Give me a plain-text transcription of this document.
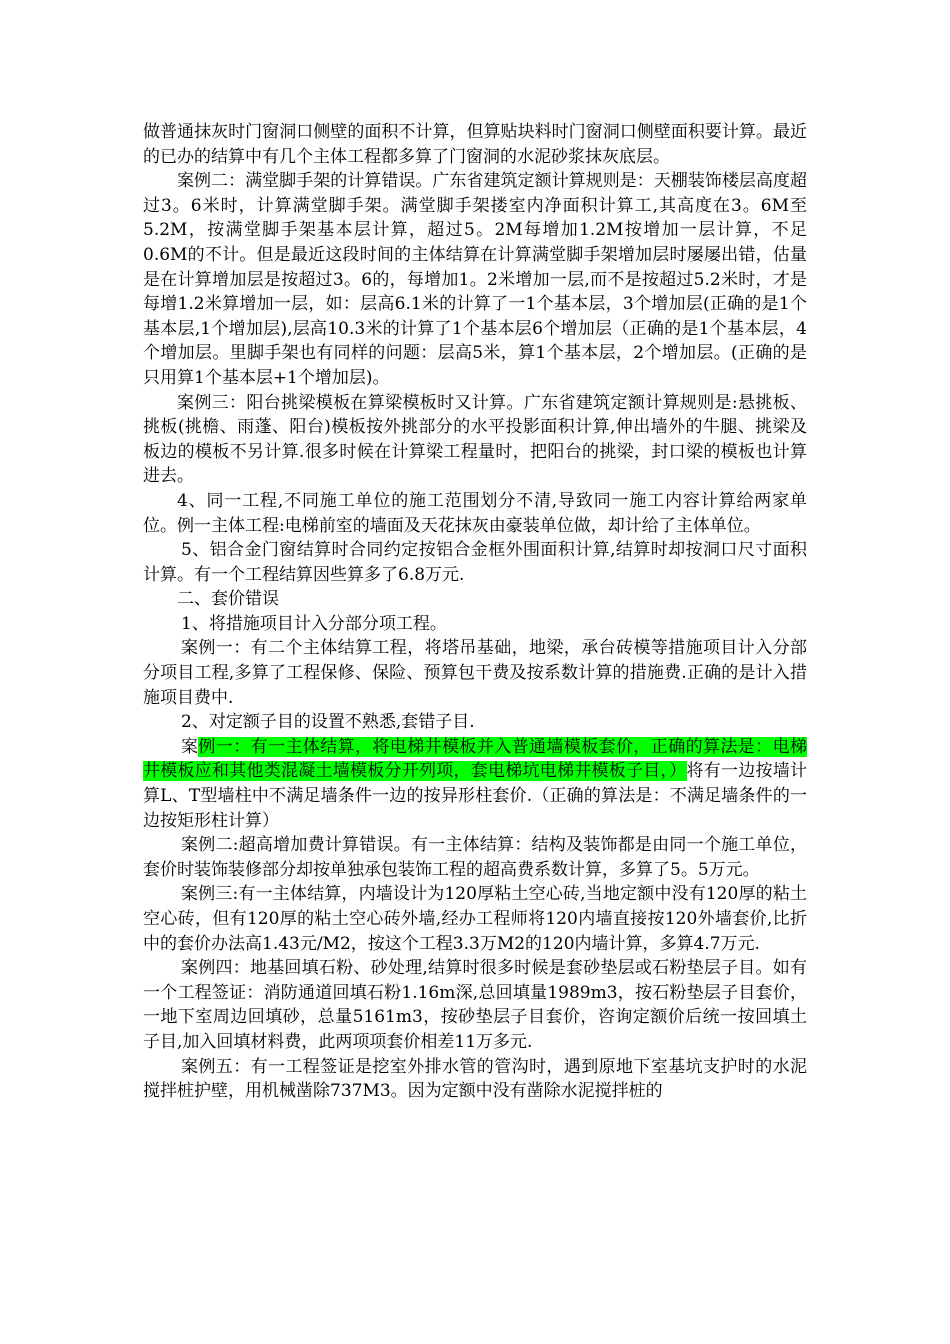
做普通抹灰时门窗洞口侧壁的面积不计算，但算贴块料时门窗洞口侧壁面积要计算。最近的已办的结算中有几个主体工程都多算了门窗洞的水泥砂浆抹灰底层。

案例二：满堂脚手架的计算错误。广东省建筑定额计算规则是：天棚装饰楼层高度超过3。6米时，计算满堂脚手架。满堂脚手架搂室内净面积计算工,其高度在3。6M至5.2M，按满堂脚手架基本层计算，超过5。2M每增加1.2M按增加一层计算，不足0.6M的不计。但是最近这段时间的主体结算在计算满堂脚手架增加层时屡屡出错，估量是在计算增加层是按超过3。6的，每增加1。2米增加一层,而不是按超过5.2米时，才是每增1.2米算增加一层，如：层高6.1米的计算了一1个基本层，3个增加层(正确的是1个基本层,1个增加层),层高10.3米的计算了1个基本层6个增加层（正确的是1个基本层，4个增加层。里脚手架也有同样的问题：层高5米，算1个基本层，2个增加层。(正确的是只用算1个基本层+1个增加层)。

案例三：阳台挑梁模板在算梁模板时又计算。广东省建筑定额计算规则是:悬挑板、挑板(挑檐、雨蓬、阳台)模板按外挑部分的水平投影面积计算,伸出墙外的牛腿、挑梁及板边的模板不另计算.很多时候在计算梁工程量时，把阳台的挑梁，封口梁的模板也计算进去。

4、同一工程,不同施工单位的施工范围划分不清,导致同一施工内容计算给两家单位。例一主体工程:电梯前室的墙面及天花抹灰由豪装单位做，却计给了主体单位。

5、铝合金门窗结算时合同约定按铝合金框外围面积计算,结算时却按洞口尺寸面积计算。有一个工程结算因些算多了6.8万元.

二、套价错误

1、将措施项目计入分部分项工程。

案例一：有二个主体结算工程，将塔吊基础，地梁，承台砖模等措施项目计入分部分项目工程,多算了工程保修、保险、预算包干费及按系数计算的措施费.正确的是计入措施项目费中.

2、对定额子目的设置不熟悉,套错子目.

案例一：有一主体结算，将电梯井模板并入普通墙模板套价，正确的算法是：电梯井模板应和其他类混凝土墙模板分开列项，套电梯坑电梯井模板子目，）将有一边按墙计算L、T型墙柱中不满足墙条件一边的按异形柱套价.（正确的算法是：不满足墙条件的一边按矩形柱计算）

案例二:超高增加费计算错误。有一主体结算：结构及装饰都是由同一个施工单位，套价时装饰装修部分却按单独承包装饰工程的超高费系数计算，多算了5。5万元。

案例三:有一主体结算，内墙设计为120厚粘土空心砖,当地定额中没有120厚的粘土空心砖，但有120厚的粘土空心砖外墙,经办工程师将120内墙直接按120外墙套价,比折中的套价办法高1.43元/M2，按这个工程3.3万M2的120内墙计算，多算4.7万元.

案例四：地基回填石粉、砂处理,结算时很多时候是套砂垫层或石粉垫层子目。如有一个工程签证：消防通道回填石粉1.16m深,总回填量1989m3，按石粉垫层子目套价，一地下室周边回填砂，总量5161m3，按砂垫层子目套价，咨询定额价后统一按回填土子目,加入回填材料费，此两项项套价相差11万多元.

案例五：有一工程签证是挖室外排水管的管沟时，遇到原地下室基坑支护时的水泥搅拌桩护壁，用机械凿除737M3。因为定额中没有凿除水泥搅拌桩的
